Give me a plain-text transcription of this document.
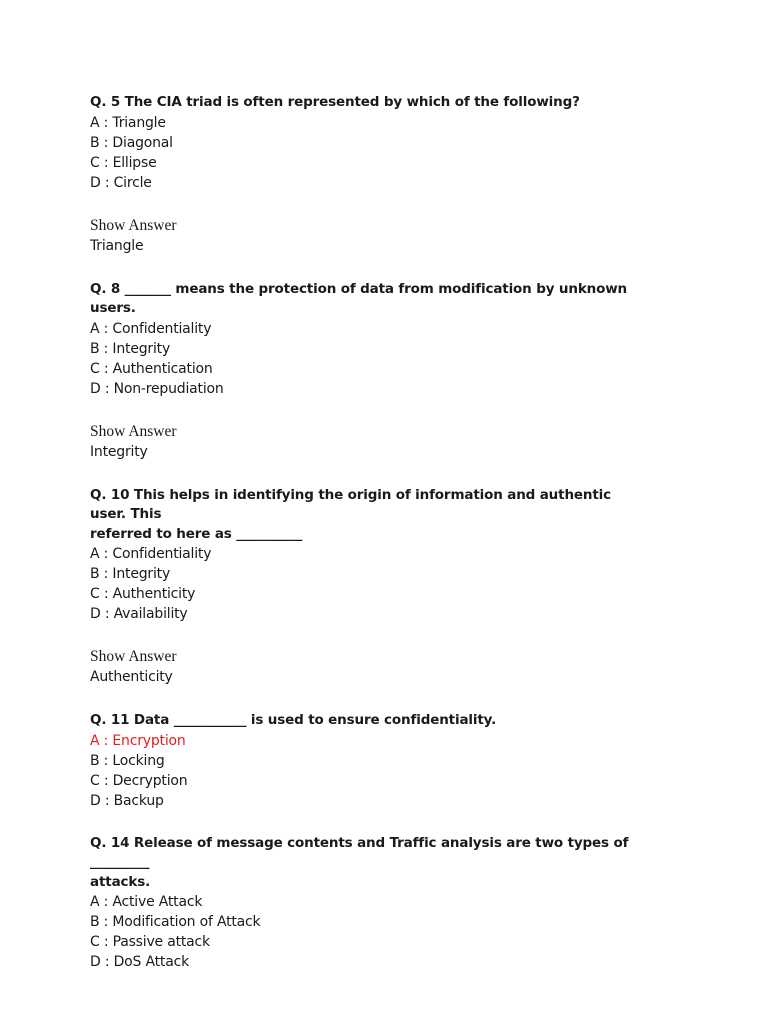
Q. 5 The CIA triad is often represented by which of the following?
A : Triangle
B : Diagonal
C : Ellipse
D : Circle
Show Answer
Triangle
Q. 8 _______ means the protection of data from modification by unknown users.
A : Confidentiality
B : Integrity
C : Authentication
D : Non-repudiation
Show Answer
Integrity
Q. 10 This helps in identifying the origin of information and authentic user. This
referred to here as __________
A : Confidentiality
B : Integrity
C : Authenticity
D : Availability
Show Answer
Authenticity
Q. 11 Data ___________ is used to ensure confidentiality.
A : Encryption
B : Locking
C : Decryption
D : Backup
Q. 14 Release of message contents and Traffic analysis are two types of _________
attacks.
A : Active Attack
B : Modification of Attack
C : Passive attack
D : DoS Attack
